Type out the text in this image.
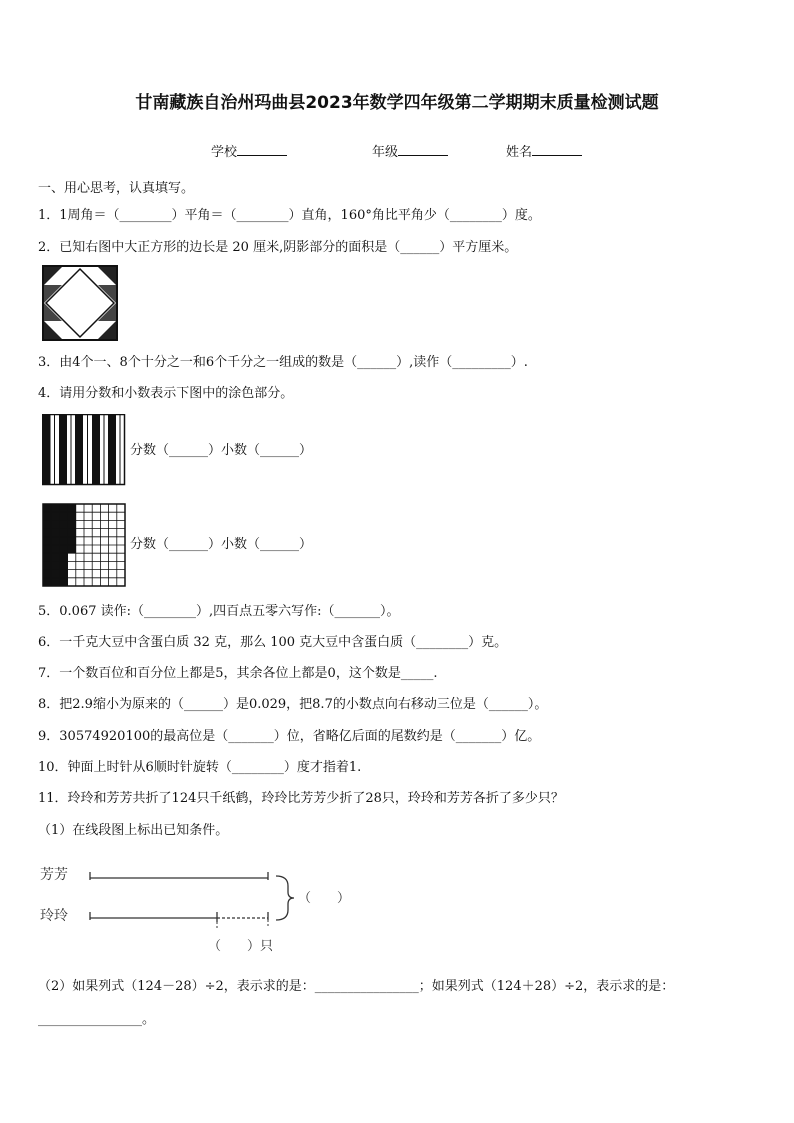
甘南藏族自治州玛曲县2023年数学四年级第二学期期末质量检测试题
学校	年级	姓名
一、用心思考，认真填写。
1．1周角＝（________）平角＝（________）直角，160°角比平角少（________）度。
2．已知右图中大正方形的边长是 20 厘米,阴影部分的面积是（______）平方厘米。
3．由4个一、8个十分之一和6个千分之一组成的数是（______）,读作（_________）.
4．请用分数和小数表示下图中的涂色部分。
分数（______）小数（______）
分数（______）小数（______）
5．0.067 读作:（________）,四百点五零六写作:（_______）。
6．一千克大豆中含蛋白质 32 克，那么 100 克大豆中含蛋白质（________）克。
7．一个数百位和百分位上都是5，其余各位上都是0，这个数是_____.
8．把2.9缩小为原来的（______）是0.029，把8.7的小数点向右移动三位是（______）。
9．30574920100的最高位是（_______）位，省略亿后面的尾数约是（_______）亿。
10．钟面上时针从6顺时针旋转（________）度才指着1.
11．玲玲和芳芳共折了124只千纸鹤，玲玲比芳芳少折了28只，玲玲和芳芳各折了多少只？
（1）在线段图上标出已知条件。
芳芳
玲玲
（　　）
（　　）只
（2）如果列式（124－28）÷2，表示求的是：________________；如果列式（124＋28）÷2，表示求的是：
________________。
